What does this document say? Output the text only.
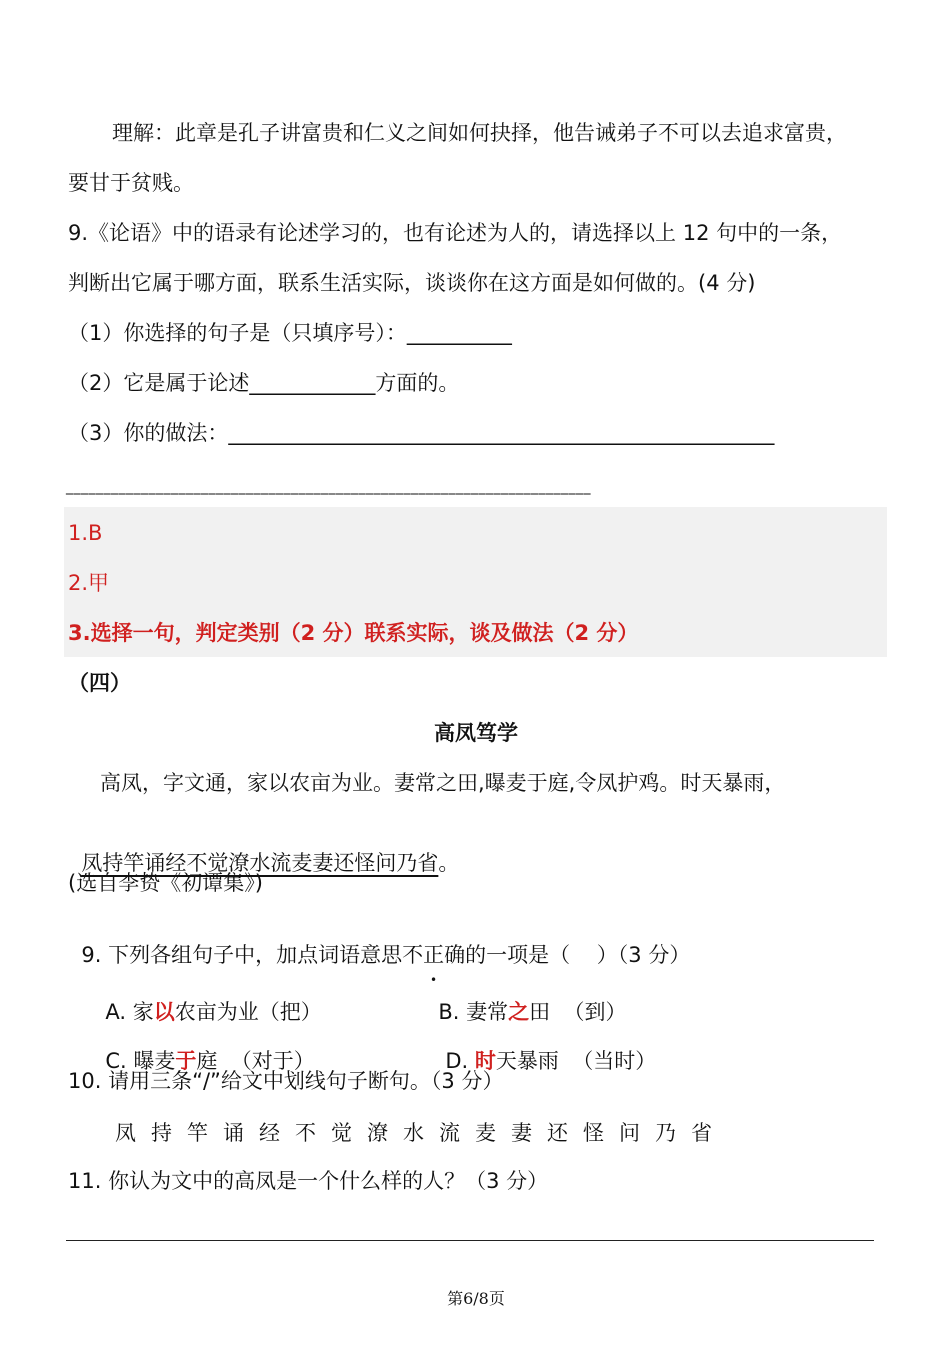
理解：此章是孔子讲富贵和仁义之间如何抉择，他告诫弟子不可以去追求富贵，
要甘于贫贱。
9.《论语》中的语录有论述学习的，也有论述为人的，请选择以上 12 句中的一条，
判断出它属于哪方面，联系生活实际，谈谈你在这方面是如何做的。(4 分)
（1）你选择的句子是（只填序号）：__________
（2）它是属于论述____________方面的。
（3）你的做法：____________________________________________________
______________________________________________________________________
1.B
2.甲
3.选择一句，判定类别（2 分）联系实际，谈及做法（2 分）
（四）
高凤笃学
高凤，字文通，家以农亩为业。妻常之田,曝麦于庭,令凤护鸡。时天暴雨，

凤持竿诵经不觉潦水流麦妻还怪问乃省。

(选自李贽《初谭集》)

9. 下列各组句子中，加点词语意思不正确的一项是（    ）（3 分）

A. 家以农亩为业（把）	B. 妻常之田  （到）

C. 曝麦于庭  （对于）	D. 时天暴雨  （当时）

10. 请用三条“/”给文中划线句子断句。（3 分）
凤持竿诵经不觉潦水流麦妻还怪问乃省
11. 你认为文中的高凤是一个什么样的人？（3 分）
第6/8页
